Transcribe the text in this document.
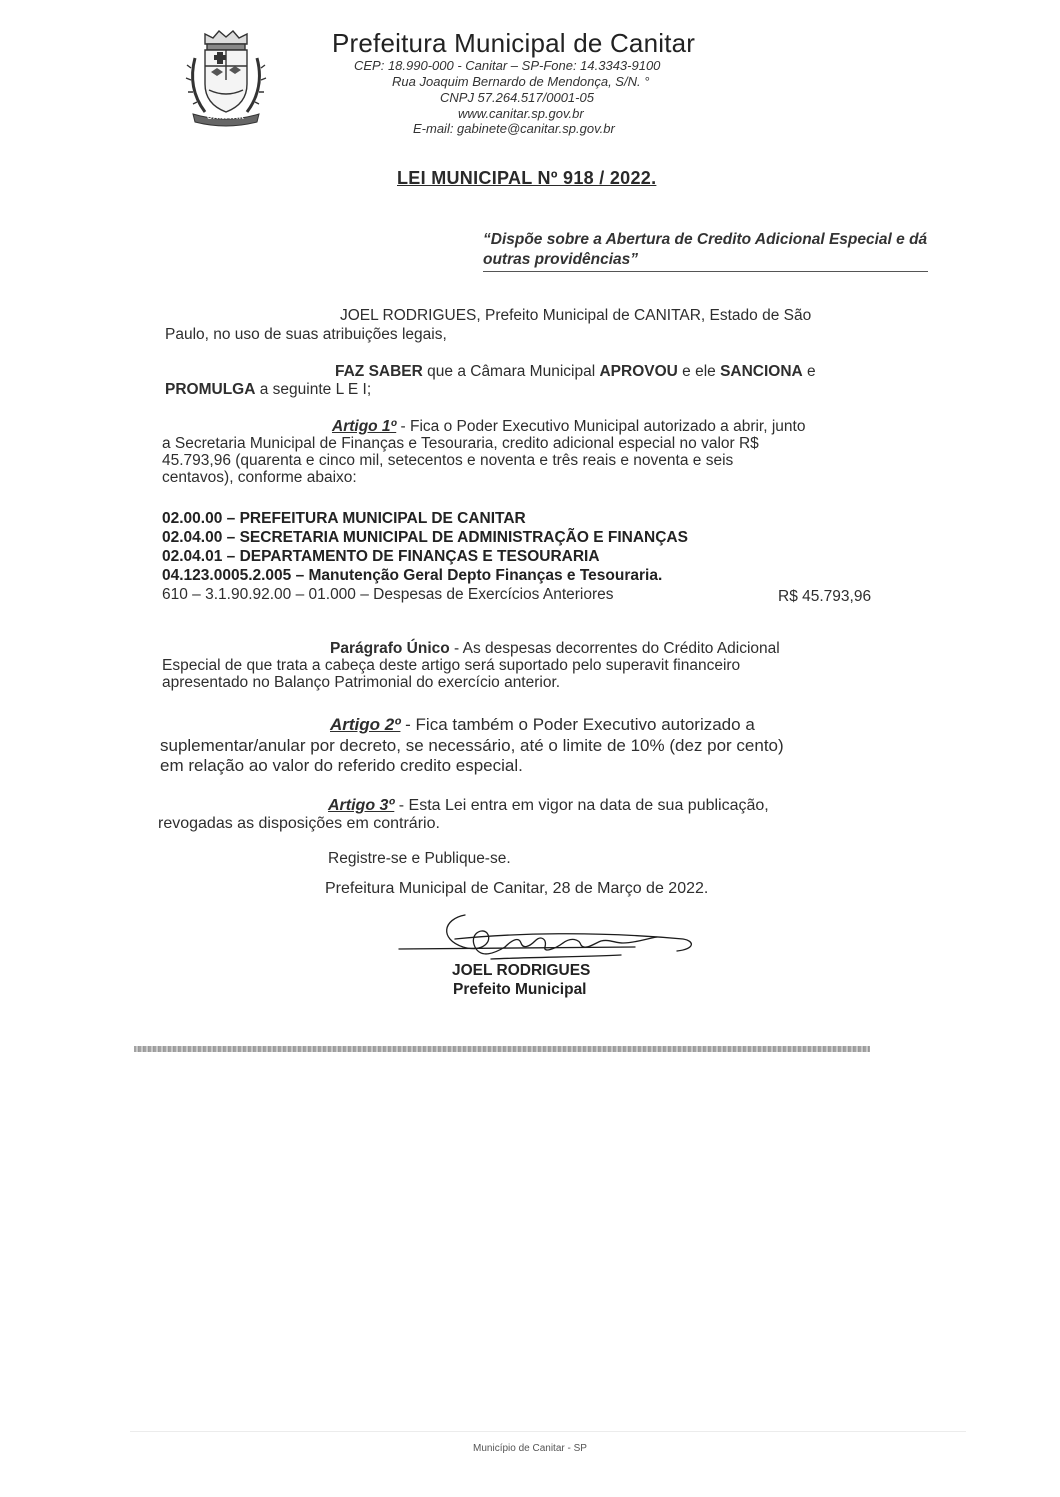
CANITAR
Prefeitura Municipal de Canitar
CEP: 18.990-000 - Canitar – SP-Fone: 14.3343-9100
Rua Joaquim Bernardo de Mendonça, S/N. °
CNPJ 57.264.517/0001-05
www.canitar.sp.gov.br
E-mail: gabinete@canitar.sp.gov.br
LEI MUNICIPAL Nº 918 / 2022.
“Dispõe sobre a Abertura de Credito Adicional Especial e dá outras providências”
JOEL RODRIGUES, Prefeito Municipal de CANITAR, Estado de São
Paulo, no uso de suas atribuições legais,
FAZ SABER que a Câmara Municipal APROVOU e ele SANCIONA e
PROMULGA a seguinte L E I;
Artigo 1º - Fica o Poder Executivo Municipal autorizado a abrir, junto
a Secretaria Municipal de Finanças e Tesouraria, credito adicional especial no valor R$
45.793,96 (quarenta e cinco mil, setecentos e noventa e três reais e noventa e seis
centavos), conforme abaixo:
02.00.00 – PREFEITURA MUNICIPAL DE CANITAR
02.04.00 – SECRETARIA MUNICIPAL DE ADMINISTRAÇÃO E FINANÇAS
02.04.01 – DEPARTAMENTO DE FINANÇAS E TESOURARIA
04.123.0005.2.005 – Manutenção Geral Depto Finanças e Tesouraria.
610 – 3.1.90.92.00 – 01.000 – Despesas de Exercícios Anteriores	R$ 45.793,96
Parágrafo Único - As despesas decorrentes do Crédito Adicional
Especial de que trata a cabeça deste artigo será suportado pelo superavit financeiro
apresentado no Balanço Patrimonial do exercício anterior.
Artigo 2º - Fica também o Poder Executivo autorizado a
suplementar/anular por decreto, se necessário, até o limite de 10% (dez por cento)
em relação ao valor do referido credito especial.
Artigo 3º - Esta Lei entra em vigor na data de sua publicação,
revogadas as disposições em contrário.
Registre-se e Publique-se.
Prefeitura Municipal de Canitar, 28 de Março de 2022.
JOEL RODRIGUES
Prefeito Municipal
Município de Canitar - SP
